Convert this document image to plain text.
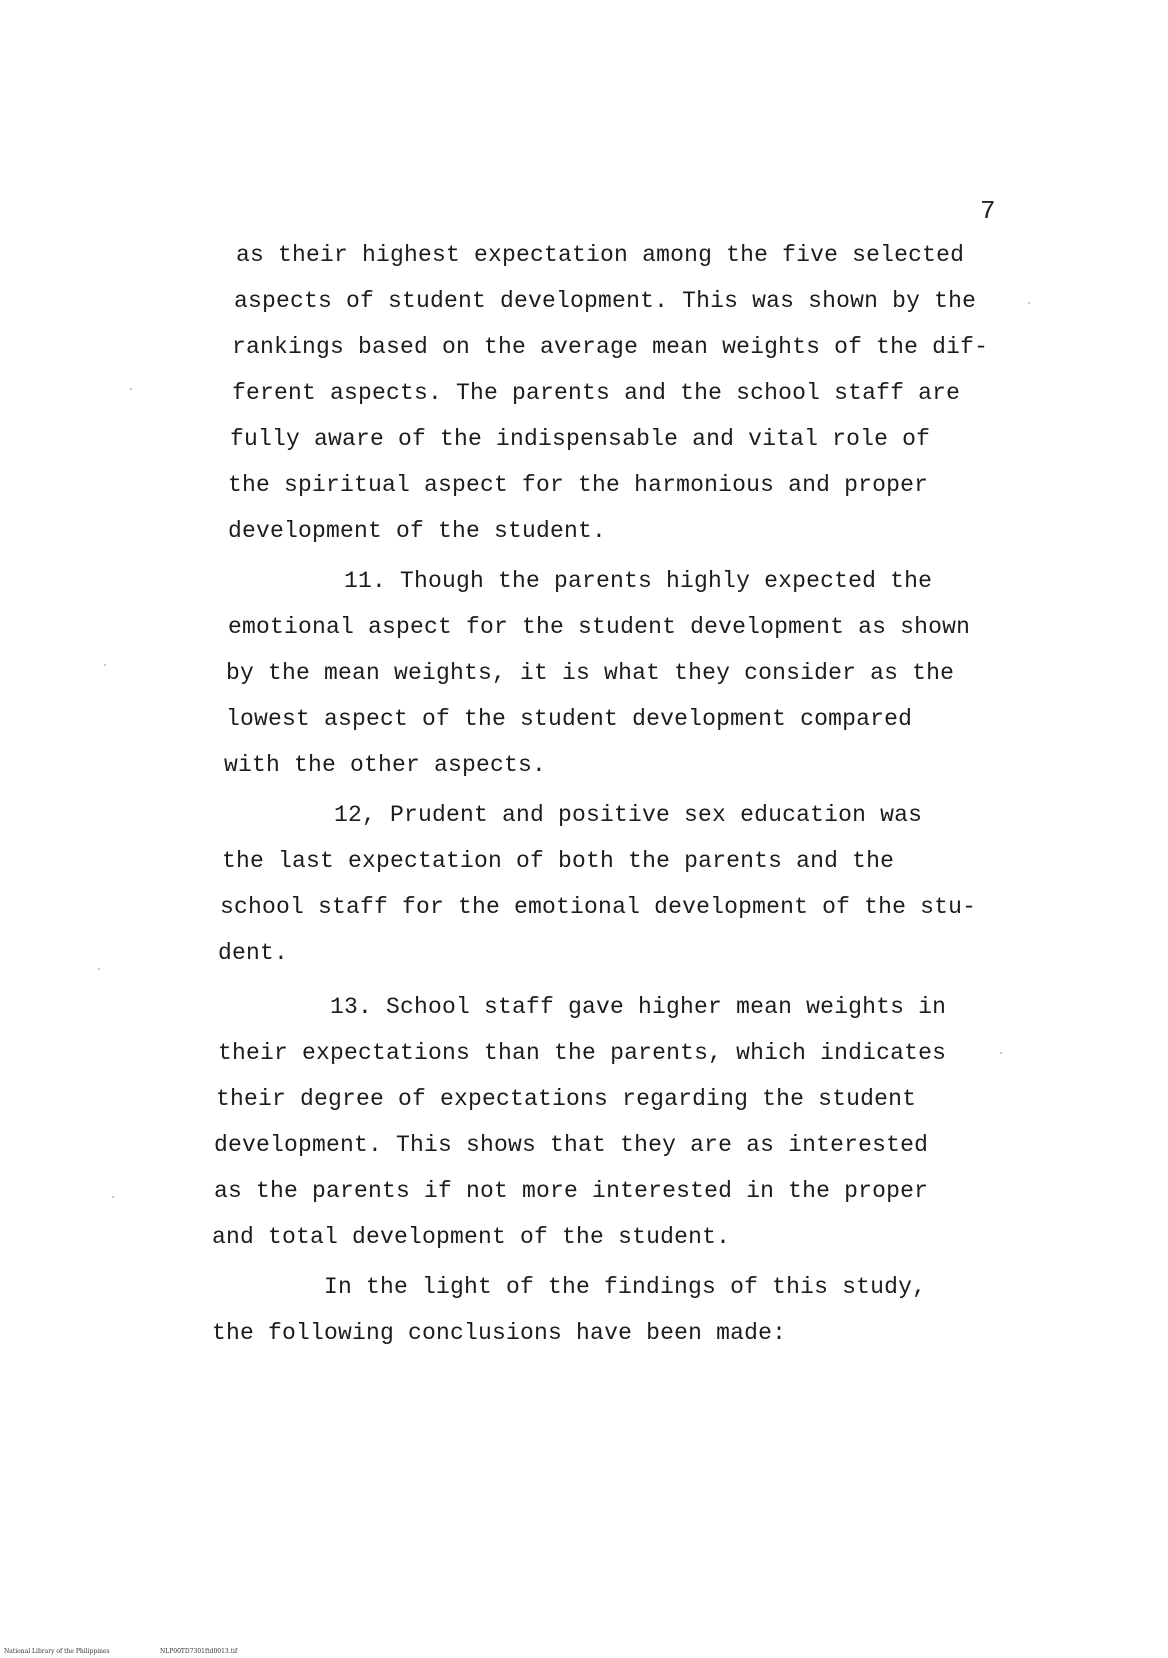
7
as their highest expectation among the five selected
aspects of student development. This was shown by the
rankings based on the average mean weights of the dif-
ferent aspects. The parents and the school staff are
fully aware of the indispensable and vital role of
the spiritual aspect for the harmonious and proper
development of the student.
11. Though the parents highly expected the
emotional aspect for the student development as shown
by the mean weights, it is what they consider as the
lowest aspect of the student development compared
with the other aspects.
12, Prudent and positive sex education was
the last expectation of both the parents and the
school staff for the emotional development of the stu-
dent.
13. School staff gave higher mean weights in
their expectations than the parents, which indicates
their degree of expectations regarding the student
development. This shows that they are as interested
as the parents if not more interested in the proper
and total development of the student.
In the light of the findings of this study,
the following conclusions have been made:
National Library of the Philippines	NLP00TD7301ftd0013.tif
